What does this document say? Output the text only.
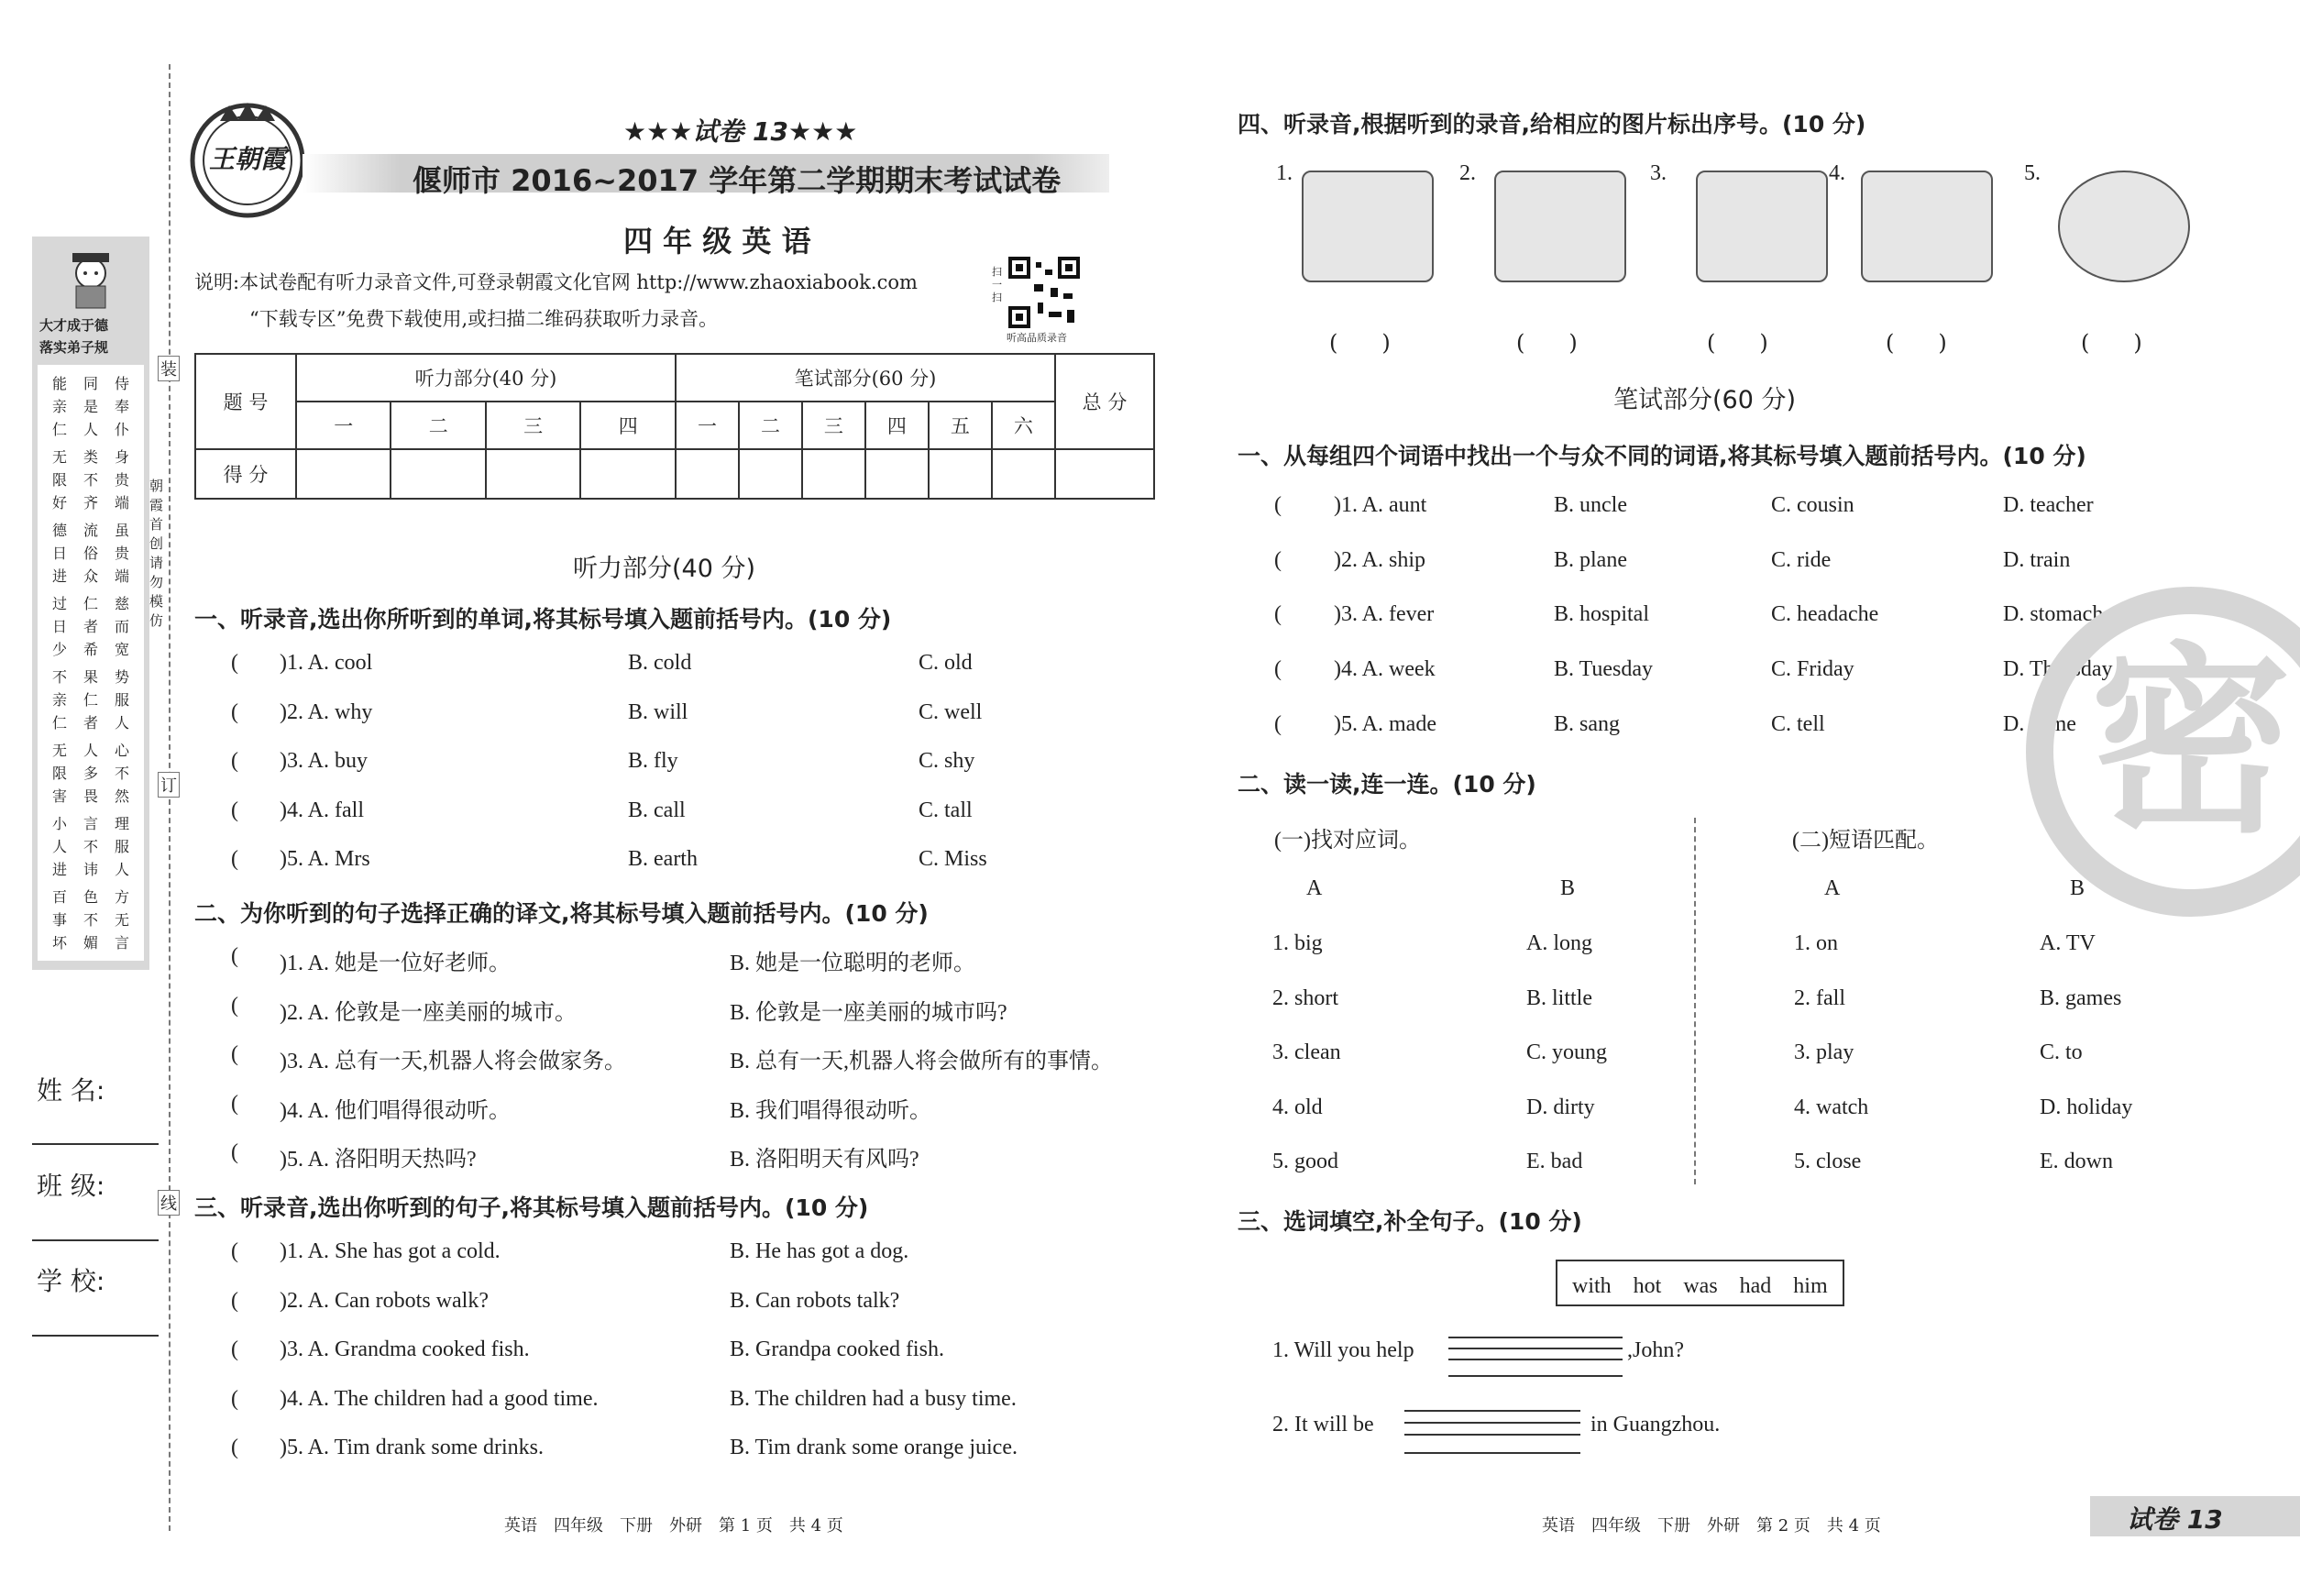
大才成于德
落实弟子规
能亲仁
同是人
侍奉仆
无限好
类不齐
身贵端
德日进
流俗众
虽贵端
过日少
仁者希
慈而宽
不亲仁
果仁者
势服人
无限害
人多畏
心不然
小人进
言不讳
理服人
百事坏
色不媚
方无言
装
订
线
朝霞首创 请勿模仿
姓 名:
班 级:
学 校:
王朝霞
★★★试卷 13★★★
偃师市 2016~2017 学年第二学期期末考试试卷
四 年 级 英 语
说明:本试卷配有听力录音文件,可登录朝霞文化官网 http://www.zhaoxiabook.com
“下载专区”免费下载使用,或扫描二维码获取听力录音。
扫一扫
听高品质录音
题 号	听力部分(40 分)				笔试部分(60 分)						总 分
	一	二	三	四	一	二	三	四	五	六	
得 分											
听力部分(40 分)
一、听录音,选出你所听到的单词,将其标号填入题前括号内。(10 分)
( )1. A. cool	B. cold	C. old
( )2. A. why	B. will	C. well
( )3. A. buy	B. fly	C. shy
( )4. A. fall	B. call	C. tall
( )5. A. Mrs	B. earth	C. Miss
二、为你听到的句子选择正确的译文,将其标号填入题前括号内。(10 分)
( )1. A. 她是一位好老师。	B. 她是一位聪明的老师。
( )2. A. 伦敦是一座美丽的城市。	B. 伦敦是一座美丽的城市吗?
( )3. A. 总有一天,机器人将会做家务。	B. 总有一天,机器人将会做所有的事情。
( )4. A. 他们唱得很动听。	B. 我们唱得很动听。
( )5. A. 洛阳明天热吗?	B. 洛阳明天有风吗?
三、听录音,选出你听到的句子,将其标号填入题前括号内。(10 分)
( )1. A. She has got a cold.	B. He has got a dog.
( )2. A. Can robots walk?	B. Can robots talk?
( )3. A. Grandma cooked fish.	B. Grandpa cooked fish.
( )4. A. The children had a good time.	B. The children had a busy time.
( )5. A. Tim drank some drinks.	B. Tim drank some orange juice.
英语　四年级　下册　外研　第 1 页　共 4 页
四、听录音,根据听到的录音,给相应的图片标出序号。(10 分)
1.
(　　)
2.
(　　)
3.
(　　)
4.
(　　)
5.
(　　)
笔试部分(60 分)
一、从每组四个词语中找出一个与众不同的词语,将其标号填入题前括号内。(10 分)
( )1. A. aunt	B. uncle	C. cousin	D. teacher
( )2. A. ship	B. plane	C. ride	D. train
( )3. A. fever	B. hospital	C. headache	D. stomach ache
( )4. A. week	B. Tuesday	C. Friday	D. Thursday
( )5. A. made	B. sang	C. tell	D. came
二、读一读,连一连。(10 分)
(一)找对应词。	(二)短语匹配。
A	B	A	B
1. big	A. long	1. on	A. TV
2. short	B. little	2. fall	B. games
3. clean	C. young	3. play	C. to
4. old	D. dirty	4. watch	D. holiday
5. good	E. bad	5. close	E. down
三、选词填空,补全句子。(10 分)
with　hot　was　had　him
1. Will you help	,John?
2. It will be	in Guangzhou.
英语　四年级　下册　外研　第 2 页　共 4 页	试卷 13
密
